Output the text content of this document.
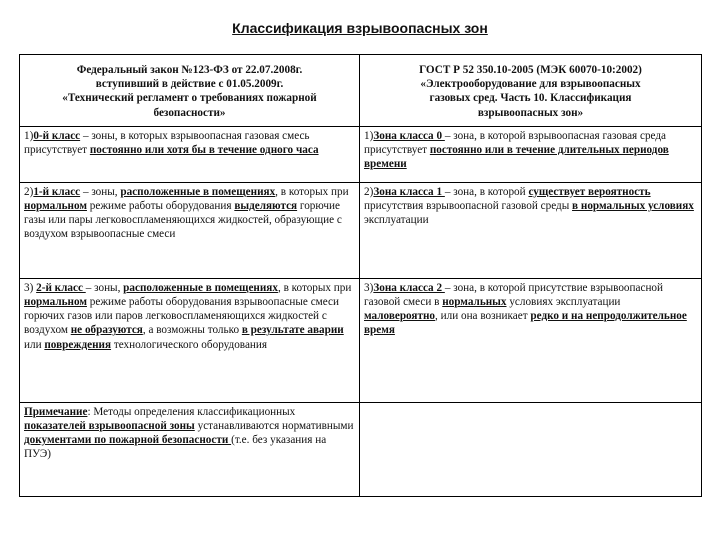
Классификация взрывоопасных зон
Федеральный закон №123-ФЗ от 22.07.2008г.
вступивший в действие с 01.05.2009г.
«Технический регламент о требованиях пожарной
безопасности»	ГОСТ Р 52 350.10-2005 (МЭК 60070-10:2002)
«Электрооборудование для взрывоопасных
газовых сред. Часть 10. Классификация
взрывоопасных зон»

1)0-й класс – зоны, в которых взрывоопасная газовая смесь присутствует постоянно или хотя бы в течение одного часа	1)Зона класса 0 – зона, в которой взрывоопасная газовая среда присутствует постоянно или в течение длительных периодов времени
2)1-й класс – зоны, расположенные в помещениях, в которых при нормальном режиме работы оборудования выделяются горючие газы или пары легковоспламеняющихся жидкостей, образующие с воздухом взрывоопасные смеси	2)Зона класса 1 – зона, в которой существует вероятность присутствия взрывоопасной газовой среды в нормальных условиях эксплуатации
3) 2-й класс – зоны, расположенные в помещениях, в которых при нормальном режиме работы оборудования взрывоопасные смеси горючих газов или паров легковоспламеняющихся жидкостей с воздухом не образуются, а возможны только в результате аварии или повреждения технологического оборудования	3)Зона класса 2 – зона, в которой присутствие взрывоопасной газовой смеси в нормальных условиях эксплуатации маловероятно, или она возникает редко и на непродолжительное время
Примечание: Методы определения классификационных показателей взрывоопасной зоны устанавливаются нормативными документами по пожарной безопасности (т.е. без указания на ПУЭ)	
